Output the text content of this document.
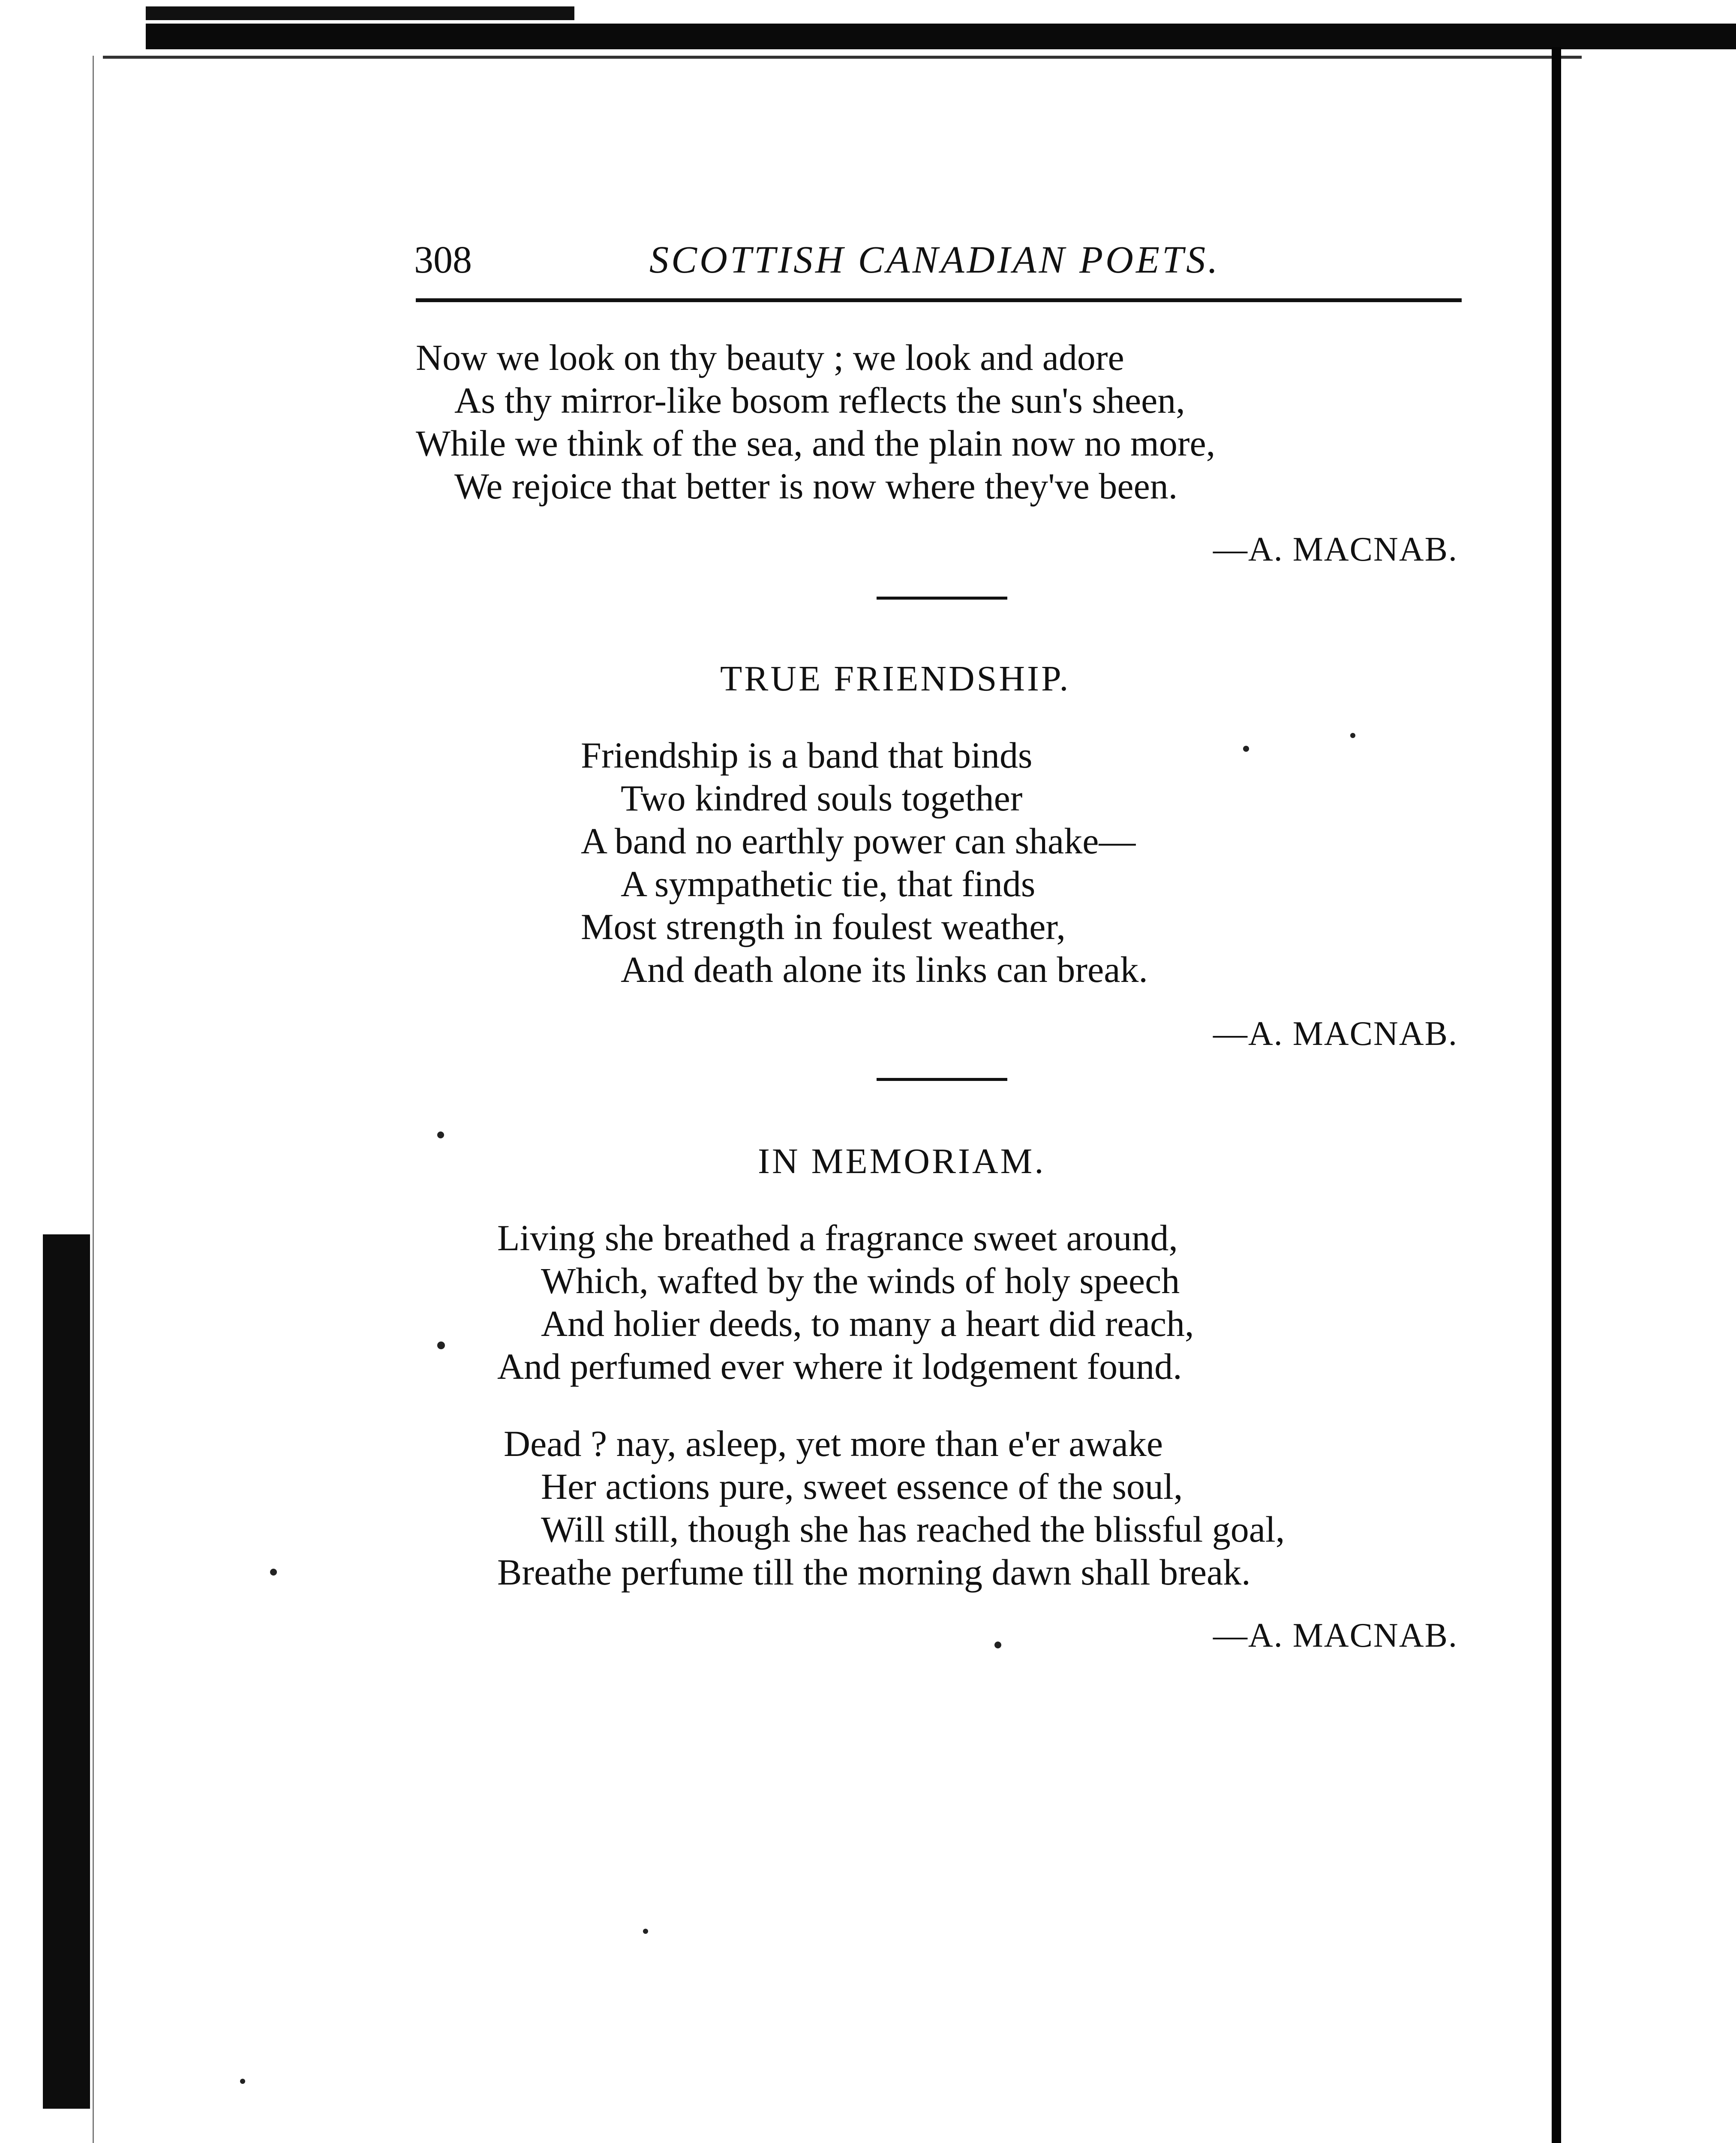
308	SCOTTISH CANADIAN POETS.
Now we look on thy beauty ; we look and adore
As thy mirror-like bosom reflects the sun's sheen,
While we think of the sea, and the plain now no more,
We rejoice that better is now where they've been.
—A. MACNAB.
TRUE FRIENDSHIP.
Friendship is a band that binds
Two kindred souls together
A band no earthly power can shake—
A sympathetic tie, that finds
Most strength in foulest weather,
And death alone its links can break.
—A. MACNAB.
IN MEMORIAM.
Living she breathed a fragrance sweet around,
Which, wafted by the winds of holy speech
And holier deeds, to many a heart did reach,
And perfumed ever where it lodgement found.
Dead ? nay, asleep, yet more than e'er awake
Her actions pure, sweet essence of the soul,
Will still, though she has reached the blissful goal,
Breathe perfume till the morning dawn shall break.
—A. MACNAB.
